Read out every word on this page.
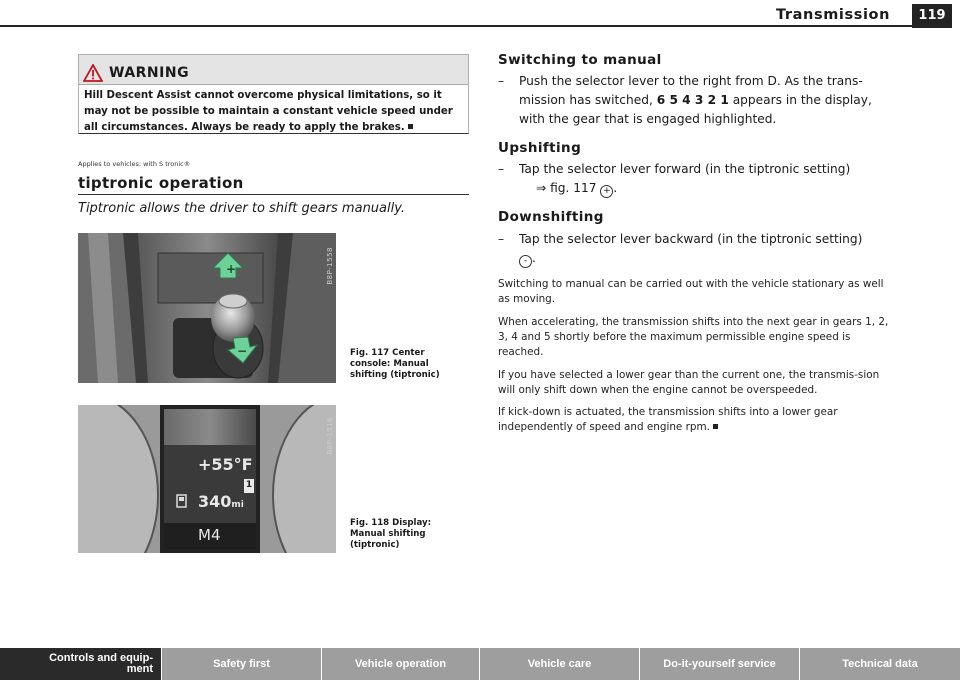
Transmission	119
WARNING
Hill Descent Assist cannot overcome physical limitations, so it may not be possible to maintain a constant vehicle speed under all circumstances. Always be ready to apply the brakes.
Applies to vehicles: with S tronic®
tiptronic operation
Tiptronic allows the driver to shift gears manually.
+
−
B8P-1558
Fig. 117 Center console: Manual shifting (tiptronic)
+55°F
1
340mi
M4
B8P-1516
Fig. 118 Display: Manual shifting (tiptronic)
Switching to manual
–	Push the selector lever to the right from D. As the trans-
mission has switched, 6 5 4 3 2 1 appears in the display,
with the gear that is engaged highlighted.
Upshifting
–	Tap the selector lever forward (in the tiptronic setting)
⇒ fig. 117 + .
Downshifting
–	Tap the selector lever backward (in the tiptronic setting)
- .
Switching to manual can be carried out with the vehicle stationary as well as moving.
When accelerating, the transmission shifts into the next gear in gears 1, 2, 3, 4 and 5 shortly before the maximum permissible engine speed is reached.
If you have selected a lower gear than the current one, the transmis-sion will only shift down when the engine cannot be overspeeded.
If kick-down is actuated, the transmission shifts into a lower gear independently of speed and engine rpm.
Controls and equip-
ment	Safety first	Vehicle operation	Vehicle care	Do-it-yourself service	Technical data
